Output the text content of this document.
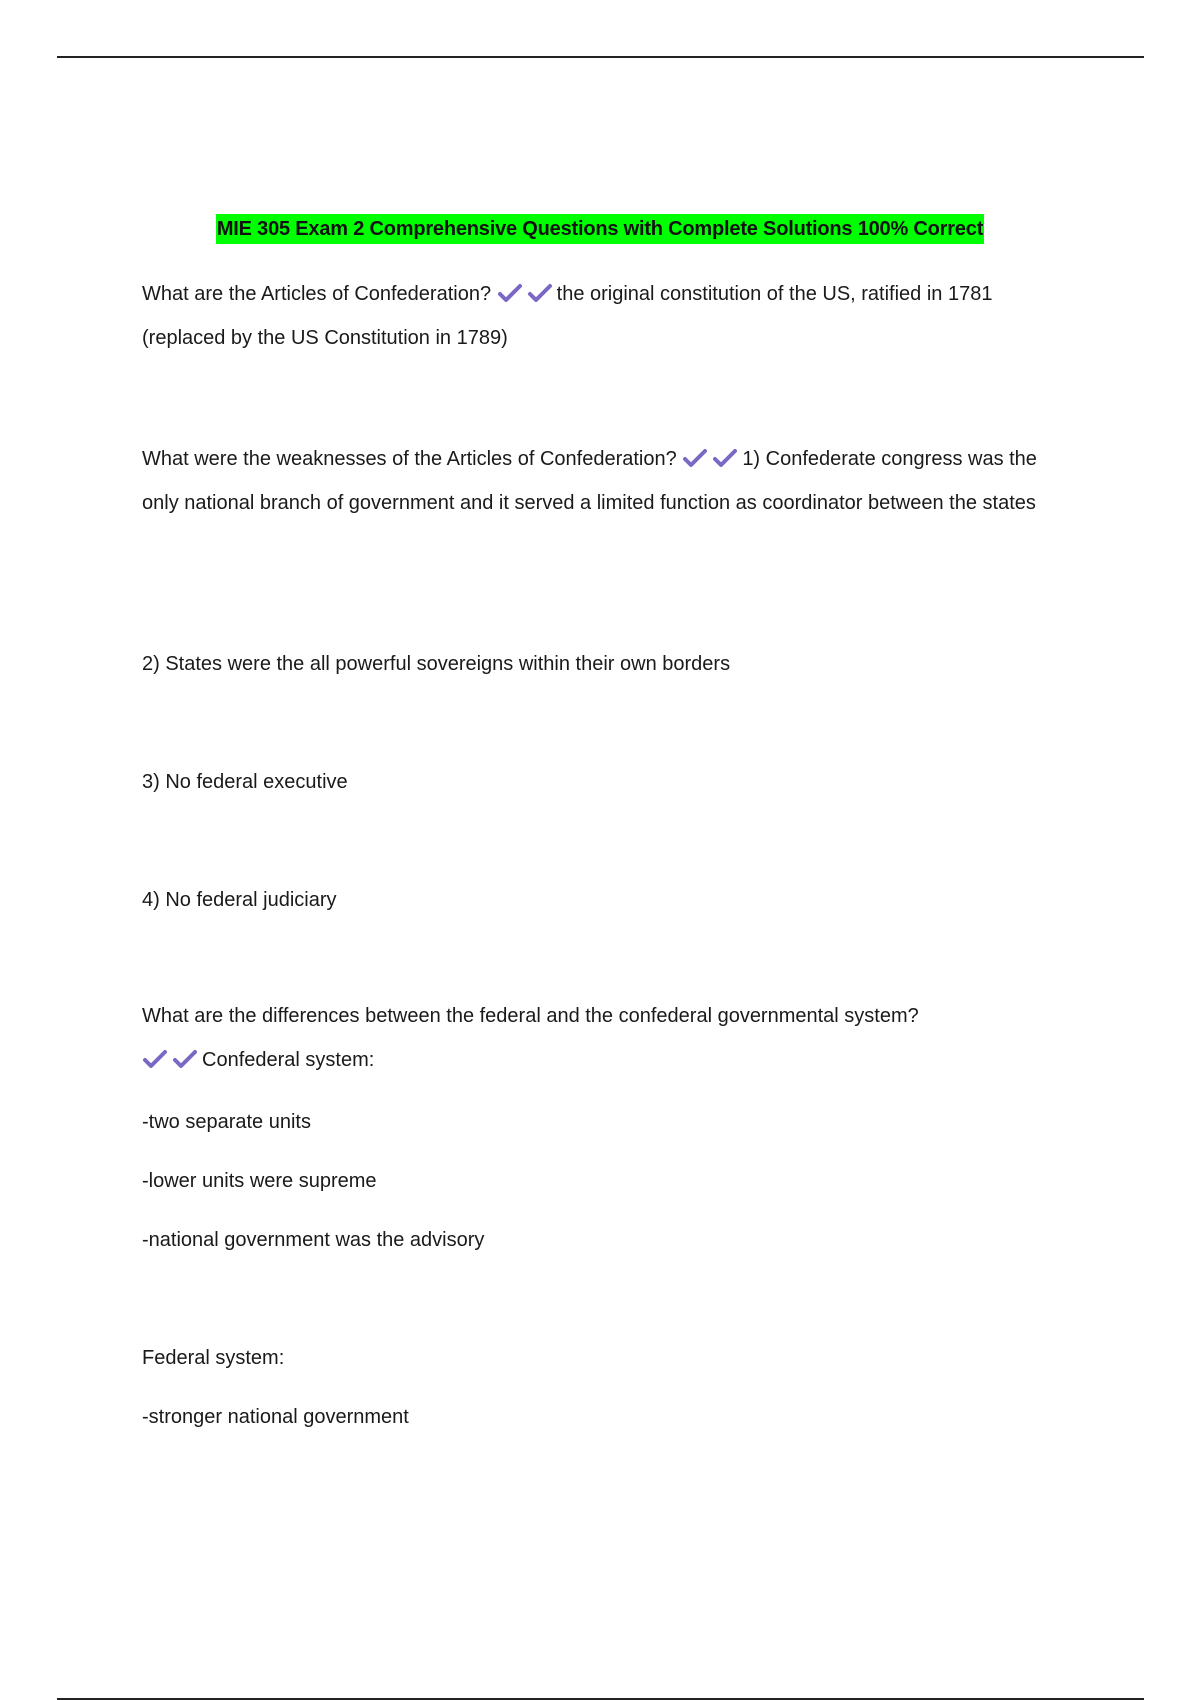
MIE 305 Exam 2 Comprehensive Questions with Complete Solutions 100% Correct
What are the Articles of Confederation?	the original constitution of the US, ratified in 1781 (replaced by the US Constitution in 1789)
What were the weaknesses of the Articles of Confederation?	1) Confederate congress was the only national branch of government and it served a limited function as coordinator between the states
2) States were the all powerful sovereigns within their own borders
3) No federal executive
4) No federal judiciary
What are the differences between the federal and the confederal governmental system?

Confederal system:
-two separate units
-lower units were supreme
-national government was the advisory
Federal system:
-stronger national government
